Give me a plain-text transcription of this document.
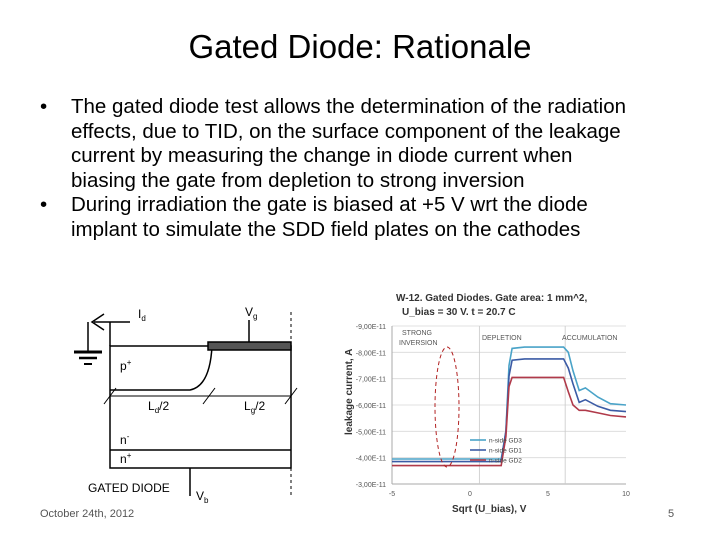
Gated Diode: Rationale
• The gated diode test allows the determination of the radiation
effects, due to TID, on the surface component of the leakage
current by measuring the change in diode current when
biasing the gate from depletion to strong inversion
• During irradiation the gate is biased at +5 V wrt the diode
implant to simulate the SDD field plates on the cathodes
$I_d$	$V_g$
p+
$L_d/2$	$L_g/2$
n-
n+
$V_b$
GATED DIODE
-9,00E-11
-8,00E-11
-7,00E-11
-6,00E-11
-5,00E-11
-4,00E-11
-3,00E-11
-5	0	5	10
W-12. Gated Diodes. Gate area: 1 mm^2,
U_bias = 30 V. t = 20.7 C
Sqrt (U_bias), V
leakage current, A
STRONG
INVERSION
DEPLETION	ACCUMULATION
n-side GD3
n-side GD1
n-side GD2
October 24th, 2012	5
